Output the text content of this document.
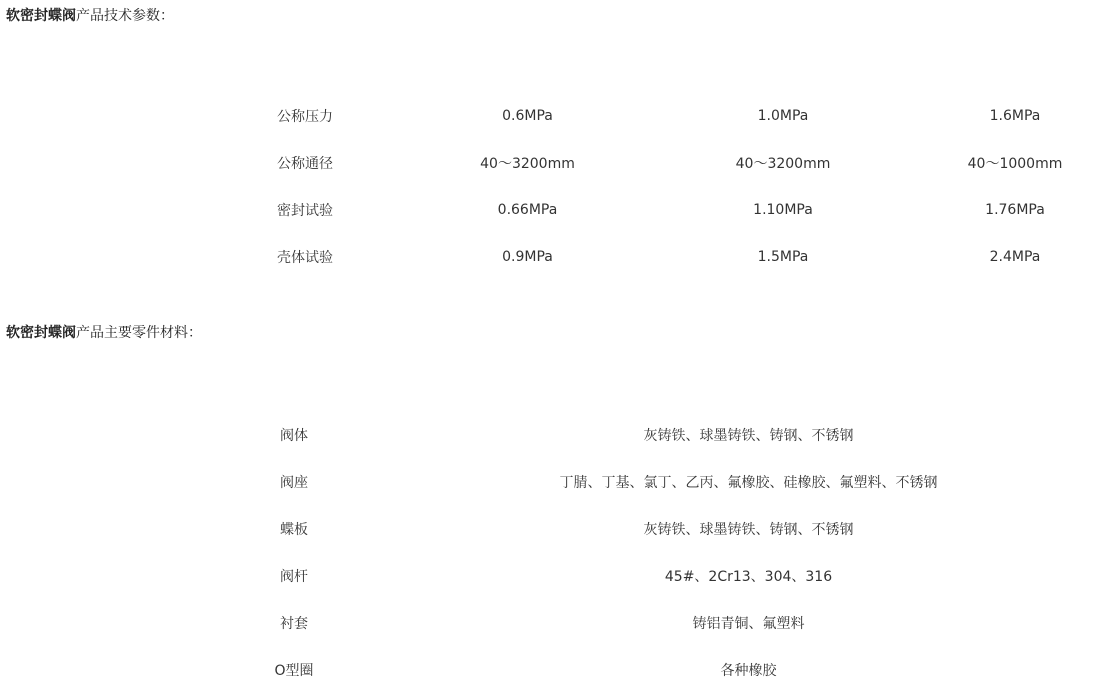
软密封蝶阀产品技术参数：

公称压力	0.6MPa	1.0MPa	1.6MPa
公称通径	40～3200mm	40～3200mm	40～1000mm
密封试验	0.66MPa	1.10MPa	1.76MPa
壳体试验	0.9MPa	1.5MPa	2.4MPa

软密封蝶阀产品主要零件材料：

阀体	灰铸铁、球墨铸铁、铸钢、不锈钢
阀座	丁腈、丁基、氯丁、乙丙、氟橡胶、硅橡胶、氟塑料、不锈钢
蝶板	灰铸铁、球墨铸铁、铸钢、不锈钢
阀杆	45#、2Cr13、304、316
衬套	铸铝青铜、氟塑料
O型圈	各种橡胶
